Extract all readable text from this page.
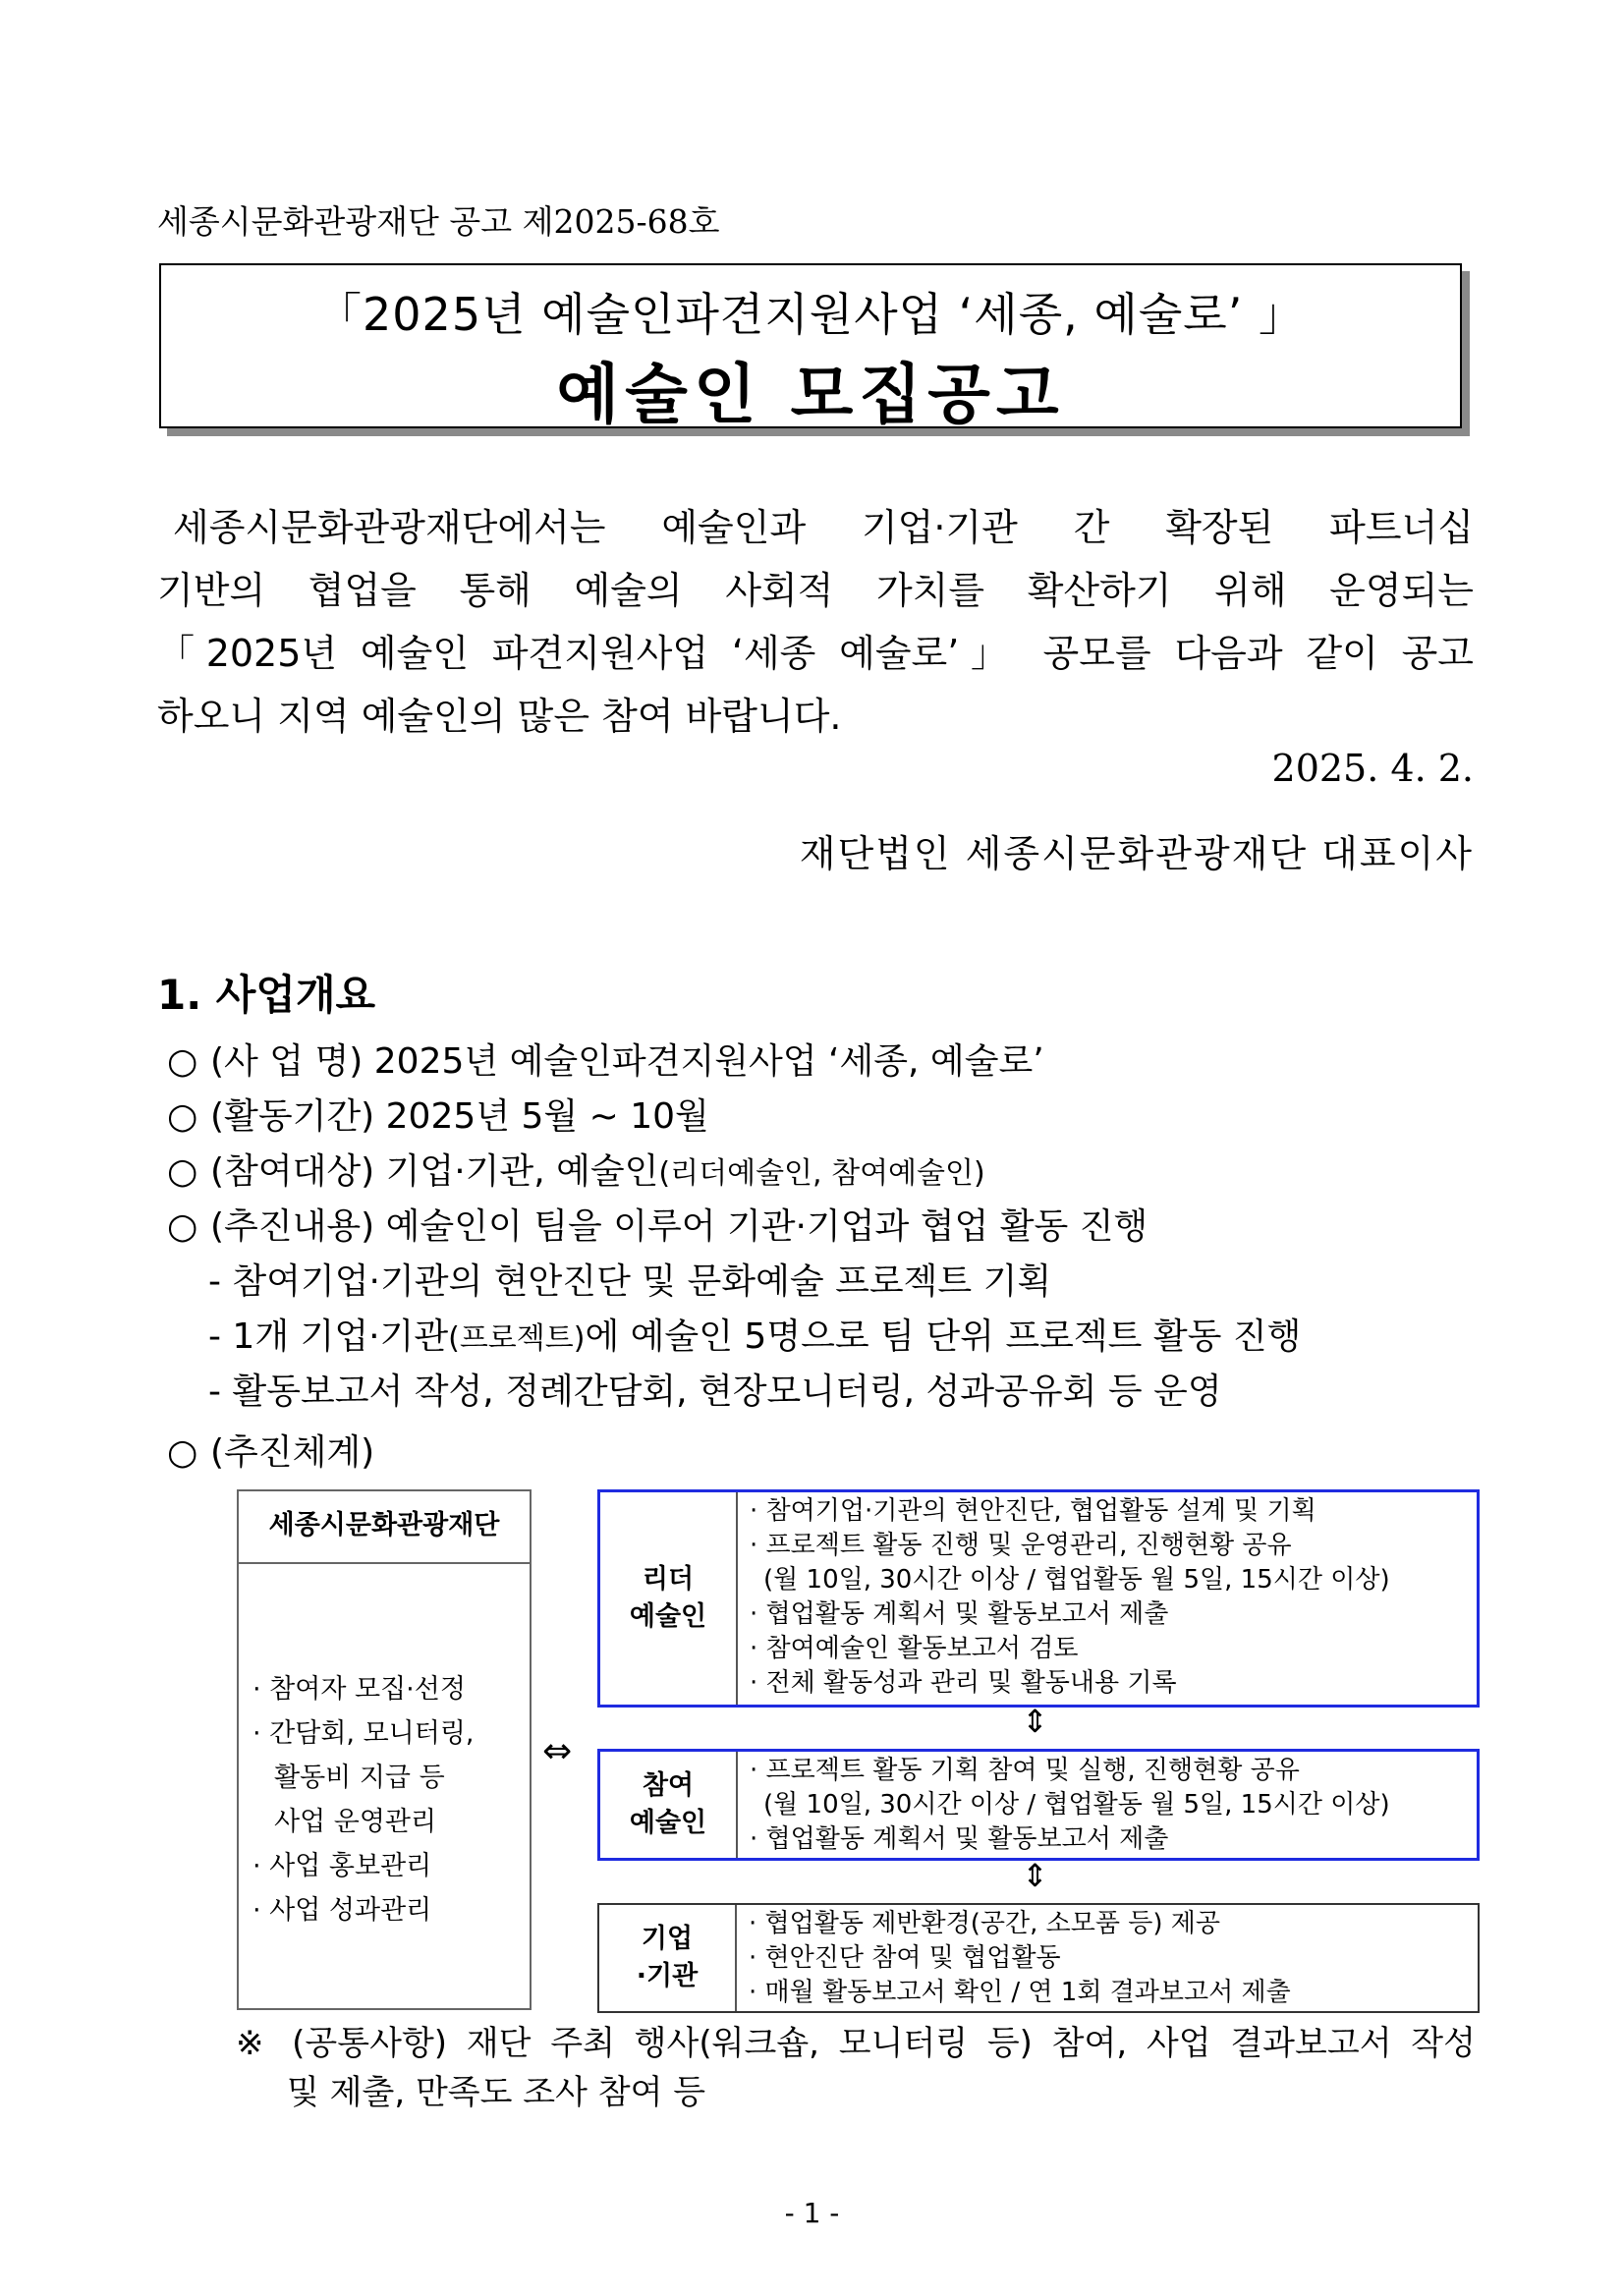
세종시문화관광재단 공고 제2025-68호
「2025년 예술인파견지원사업 ‘세종, 예술로’ 」
예술인 모집공고
세종시문화관광재단에서는 예술인과 기업·기관 간 확장된 파트너십
기반의 협업을 통해 예술의 사회적 가치를 확산하기 위해 운영되는
「2025년 예술인 파견지원사업 ‘세종 예술로’」 공모를 다음과 같이 공고
하오니 지역 예술인의 많은 참여 바랍니다.
2025. 4. 2.
재단법인 세종시문화관광재단 대표이사
1. 사업개요
○ (사 업 명) 2025년 예술인파견지원사업 ‘세종, 예술로’
○ (활동기간) 2025년 5월 ~ 10월
○ (참여대상) 기업·기관, 예술인(리더예술인, 참여예술인)
○ (추진내용) 예술인이 팀을 이루어 기관·기업과 협업 활동 진행
- 참여기업·기관의 현안진단 및 문화예술 프로젝트 기획
- 1개 기업·기관(프로젝트)에 예술인 5명으로 팀 단위 프로젝트 활동 진행
- 활동보고서 작성, 정례간담회, 현장모니터링, 성과공유회 등 운영
○ (추진체계)
세종시문화관광재단
· 참여자 모집·선정
· 간담회, 모니터링,
활동비 지급 등
사업 운영관리
· 사업 홍보관리
· 사업 성과관리
⇔
리더
예술인
· 참여기업·기관의 현안진단, 협업활동 설계 및 기획
· 프로젝트 활동 진행 및 운영관리, 진행현황 공유
(월 10일, 30시간 이상 / 협업활동 월 5일, 15시간 이상)
· 협업활동 계획서 및 활동보고서 제출
· 참여예술인 활동보고서 검토
· 전체 활동성과 관리 및 활동내용 기록
⇕
참여
예술인
· 프로젝트 활동 기획 참여 및 실행, 진행현황 공유
(월 10일, 30시간 이상 / 협업활동 월 5일, 15시간 이상)
· 협업활동 계획서 및 활동보고서 제출
⇕
기업
·기관
· 협업활동 제반환경(공간, 소모품 등) 제공
· 현안진단 참여 및 협업활동
· 매월 활동보고서 확인 / 연 1회 결과보고서 제출
※ (공통사항) 재단 주최 행사(워크숍, 모니터링 등) 참여, 사업 결과보고서 작성
및 제출, 만족도 조사 참여 등
- 1 -
